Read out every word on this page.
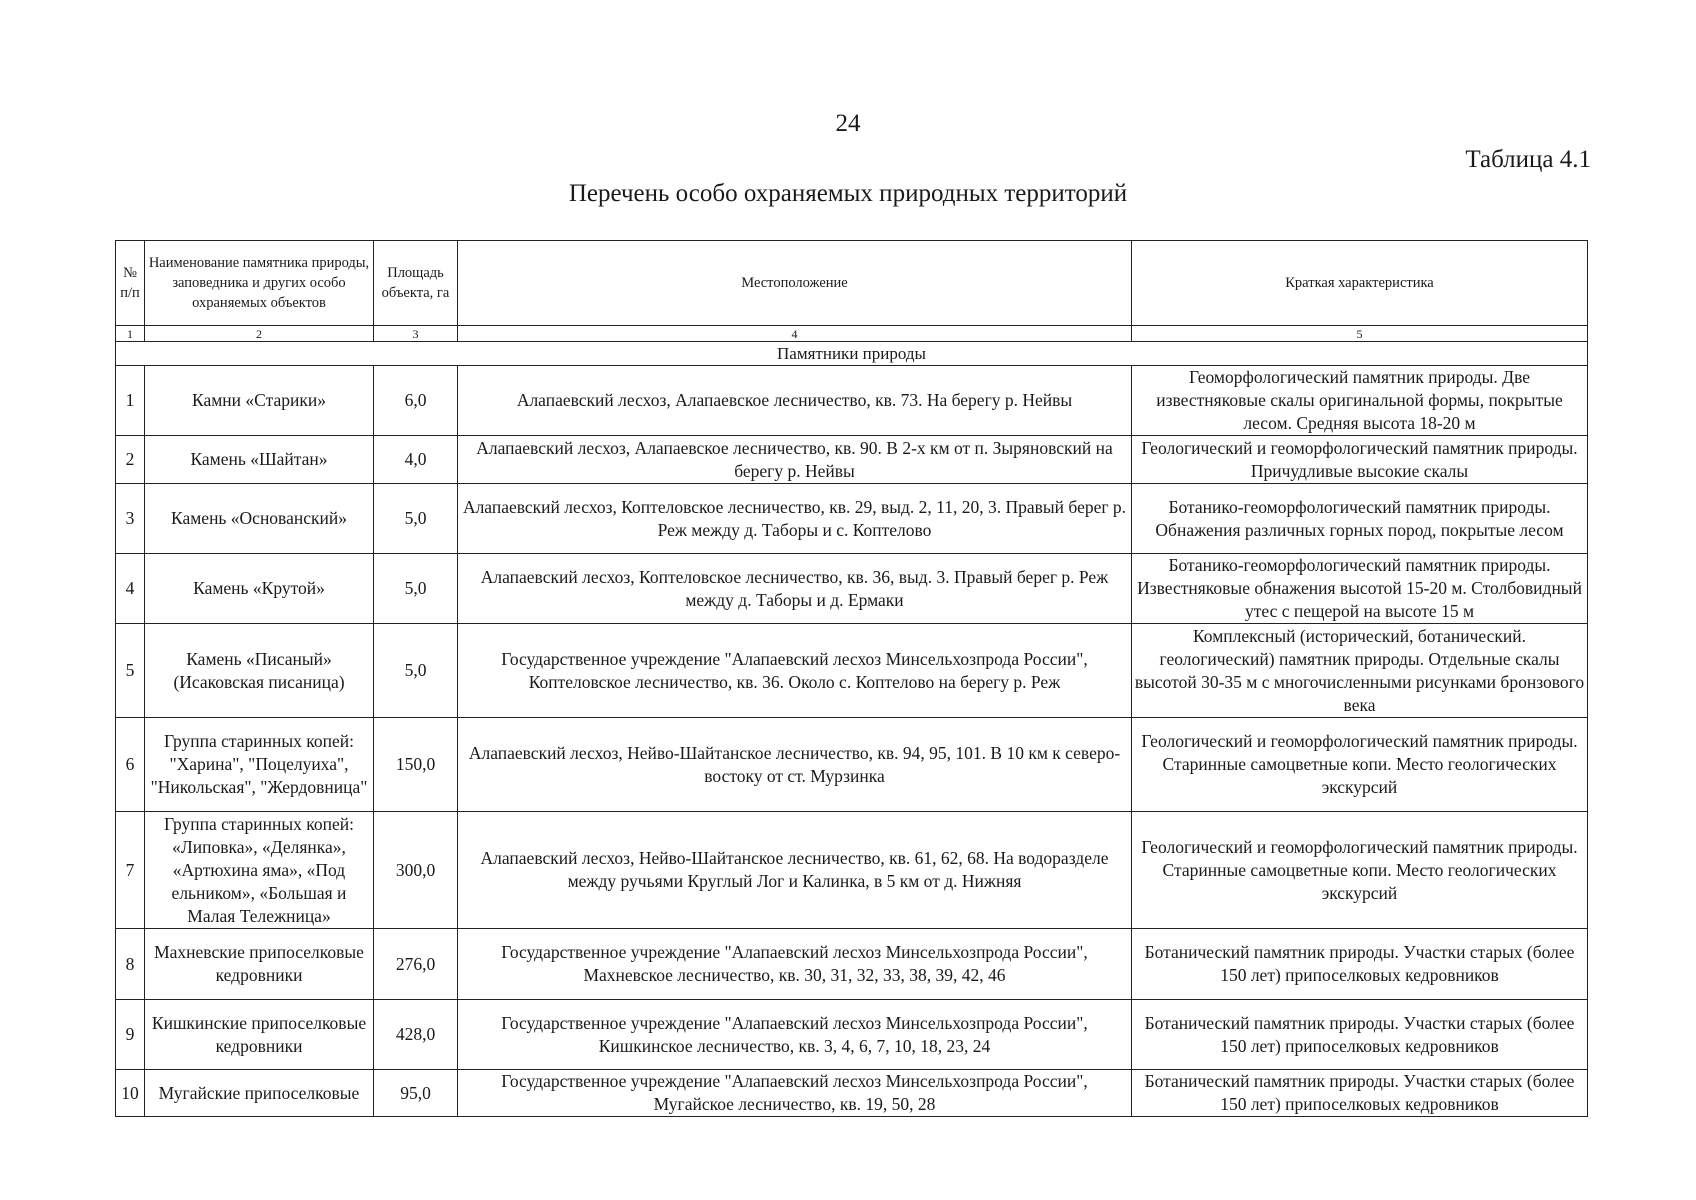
24
Таблица 4.1
Перечень особо охраняемых природных территорий
№ п/п	Наименование памятника природы, заповедника и других особо охраняемых объектов	Площадь объекта, га	Местоположение	Краткая характеристика
1	2	3	4	5
Памятники природы				
1	Камни «Старики»	6,0	Алапаевский лесхоз, Алапаевское лесничество, кв. 73. На берегу р. Нейвы	Геоморфологический памятник природы. Две известняковые скалы оригинальной формы, покрытые лесом. Средняя высота 18-20 м
2	Камень «Шайтан»	4,0	Алапаевский лесхоз, Алапаевское лесничество, кв. 90. В 2-х км от п. Зыряновский на берегу р. Нейвы	Геологический и геоморфологический памятник природы. Причудливые высокие скалы
3	Камень «Основанский»	5,0	Алапаевский лесхоз, Коптеловское лесничество, кв. 29, выд. 2, 11, 20, 3. Правый берег р. Реж между д. Таборы и с. Коптелово	Ботанико-геоморфологический памятник природы. Обнажения различных горных пород, покрытые лесом
4	Камень «Крутой»	5,0	Алапаевский лесхоз, Коптеловское лесничество, кв. 36, выд. 3. Правый берег р. Реж между д. Таборы и д. Ермаки	Ботанико-геоморфологический памятник природы. Известняковые обнажения высотой 15-20 м. Столбовидный утес с пещерой на высоте 15 м
5	Камень «Писаный» (Исаковская писаница)	5,0	Государственное учреждение "Алапаевский лесхоз Минсельхозпрода России", Коптеловское лесничество, кв. 36. Около с. Коптелово на берегу р. Реж	Комплексный (исторический, ботанический. геологический) памятник природы. Отдельные скалы высотой 30-35 м с многочисленными рисунками бронзового века
6	Группа старинных копей: "Харина", "Поцелуиха", "Никольская", "Жердовница"	150,0	Алапаевский лесхоз, Нейво-Шайтанское лесничество, кв. 94, 95, 101. В 10 км к северо-востоку от ст. Мурзинка	Геологический и геоморфологический памятник природы. Старинные самоцветные копи. Место геологических экскурсий
7	Группа старинных копей: «Липовка», «Делянка», «Артюхина яма», «Под ельником», «Большая и Малая Тележница»	300,0	Алапаевский лесхоз, Нейво-Шайтанское лесничество, кв. 61, 62, 68. На водоразделе между ручьями Круглый Лог и Калинка, в 5 км от д. Нижняя	Геологический и геоморфологический памятник природы. Старинные самоцветные копи. Место геологических экскурсий
8	Махневские припоселковые кедровники	276,0	Государственное учреждение "Алапаевский лесхоз Минсельхозпрода России", Махневское лесничество, кв. 30, 31, 32, 33, 38, 39, 42, 46	Ботанический памятник природы. Участки старых (более 150 лет) припоселковых кедровников
9	Кишкинские припоселковые кедровники	428,0	Государственное учреждение "Алапаевский лесхоз Минсельхозпрода России", Кишкинское лесничество, кв. 3, 4, 6, 7, 10, 18, 23, 24	Ботанический памятник природы. Участки старых (более 150 лет) припоселковых кедровников
10	Мугайские припоселковые	95,0	Государственное учреждение "Алапаевский лесхоз Минсельхозпрода России", Мугайское лесничество, кв. 19, 50, 28	Ботанический памятник природы. Участки старых (более 150 лет) припоселковых кедровников
